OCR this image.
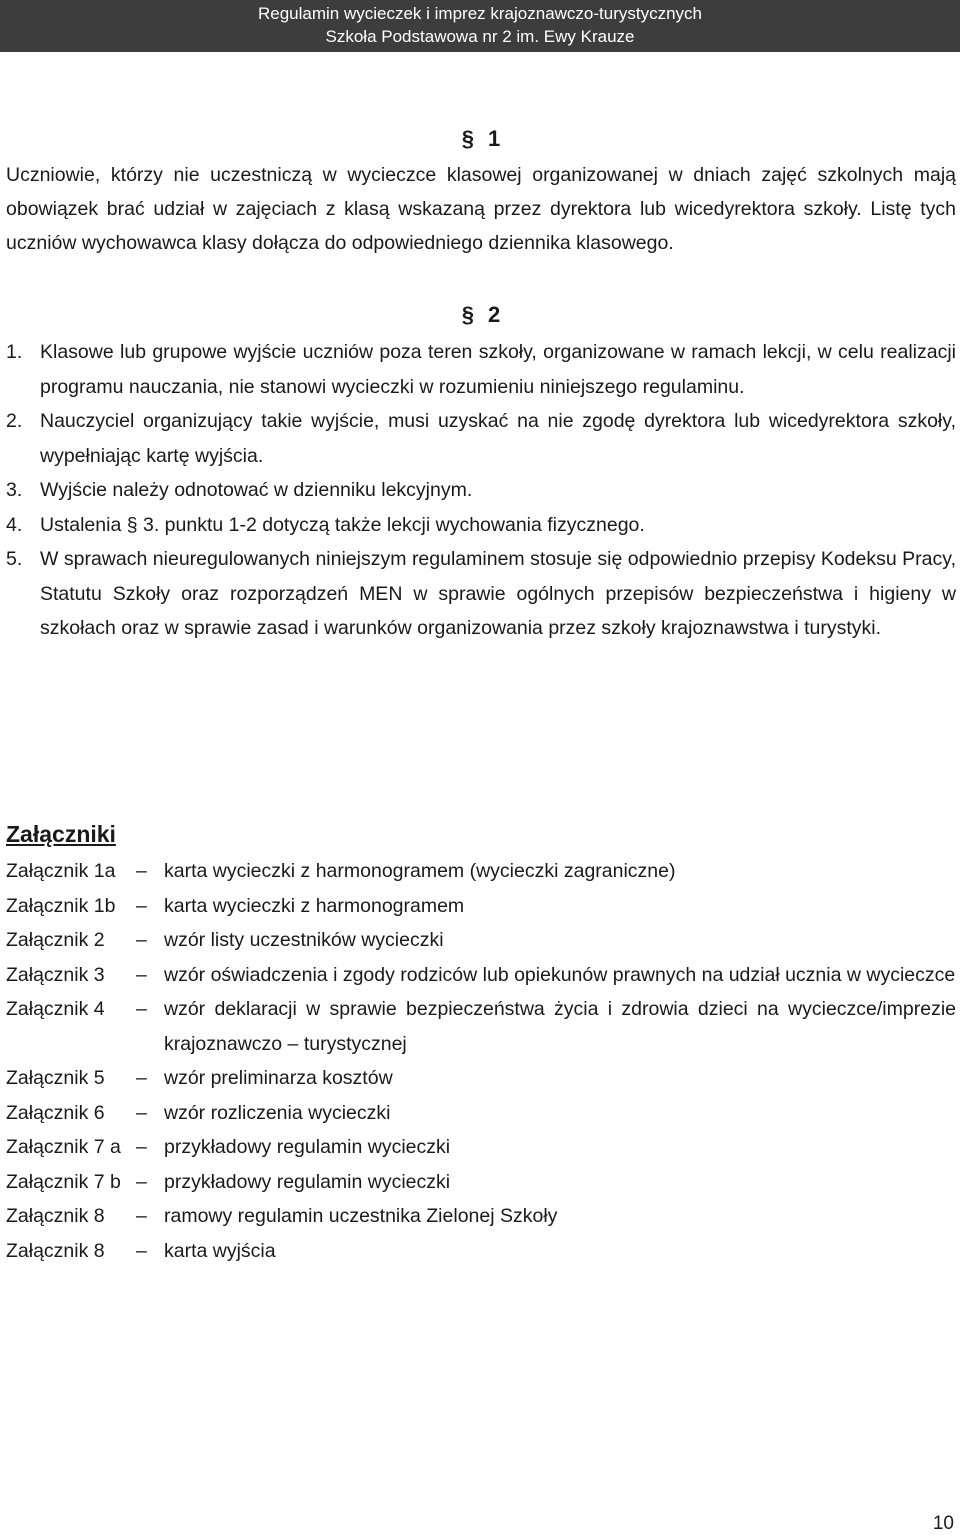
Regulamin wycieczek i imprez krajoznawczo-turystycznych
Szkoła Podstawowa nr 2 im. Ewy Krauze
§ 1
Uczniowie, którzy nie uczestniczą w wycieczce klasowej organizowanej w dniach zajęć szkolnych mają obowiązek brać udział w zajęciach z klasą wskazaną przez dyrektora lub wicedyrektora szkoły. Listę tych uczniów wychowawca klasy dołącza do odpowiedniego dziennika klasowego.
§ 2
1. Klasowe lub grupowe wyjście uczniów poza teren szkoły, organizowane w ramach lekcji, w celu realizacji programu nauczania, nie stanowi wycieczki w rozumieniu niniejszego regulaminu.
2. Nauczyciel organizujący takie wyjście, musi uzyskać na nie zgodę dyrektora lub wicedyrektora szkoły, wypełniając kartę wyjścia.
3. Wyjście należy odnotować w dzienniku lekcyjnym.
4. Ustalenia § 3. punktu 1-2 dotyczą także lekcji wychowania fizycznego.
5. W sprawach nieuregulowanych niniejszym regulaminem stosuje się odpowiednio przepisy Kodeksu Pracy, Statutu Szkoły oraz rozporządzeń MEN w sprawie ogólnych przepisów bezpieczeństwa i higieny w szkołach oraz w sprawie zasad i warunków organizowania przez szkoły krajoznawstwa i turystyki.
Załączniki
Załącznik 1a	– karta wycieczki z harmonogramem (wycieczki zagraniczne)
Załącznik 1b	– karta wycieczki z harmonogramem
Załącznik 2	– wzór listy uczestników wycieczki
Załącznik 3	– wzór oświadczenia i zgody rodziców lub opiekunów prawnych na udział ucznia w wycieczce
Załącznik 4	– wzór deklaracji w sprawie bezpieczeństwa życia i zdrowia dzieci na wycieczce/imprezie krajoznawczo – turystycznej
Załącznik 5	– wzór preliminarza kosztów
Załącznik 6	– wzór rozliczenia wycieczki
Załącznik 7 a – przykładowy regulamin wycieczki
Załącznik 7 b – przykładowy regulamin wycieczki
Załącznik 8	– ramowy regulamin uczestnika Zielonej Szkoły
Załącznik 8	– karta wyjścia
10
